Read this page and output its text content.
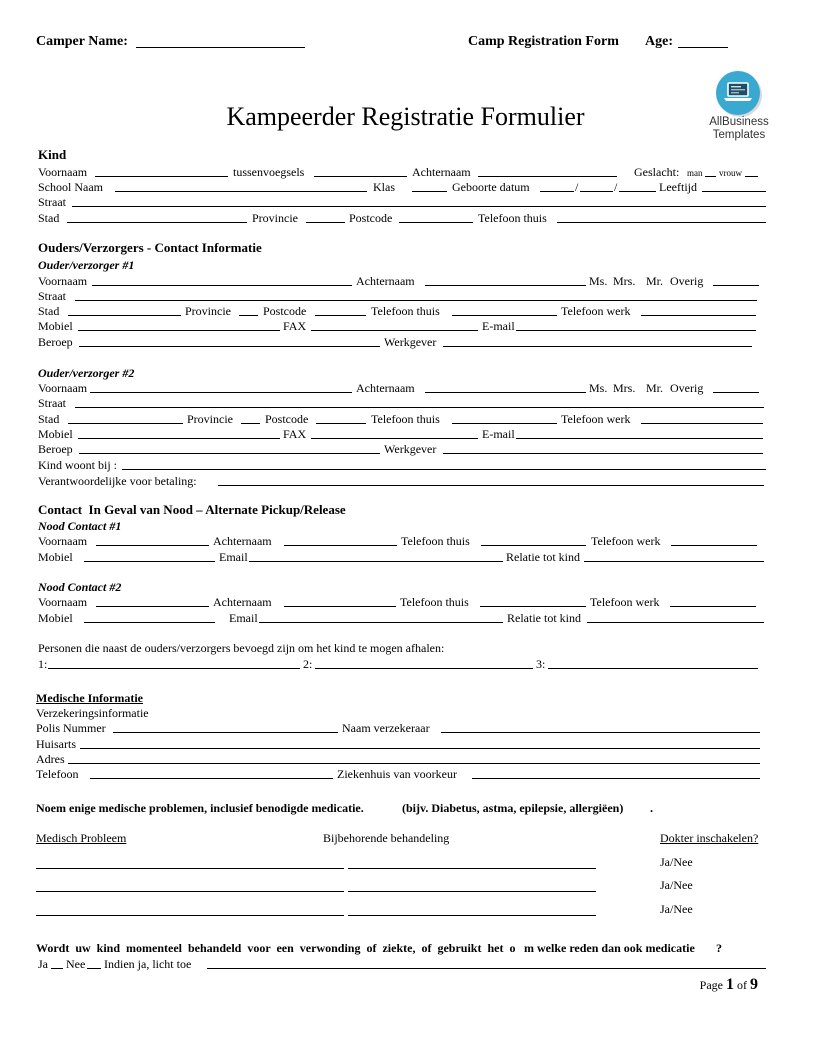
Camper Name:	Camp Registration Form Age:
AllBusiness
Templates
Kampeerder Registratie Formulier
Kind
Voornaam	tussenvoegsels	Achternaam	Geslacht: man vrouw
School Naam	Klas	Geboorte datum	/	/	Leeftijd
Straat
Stad	Provincie	Postcode	Telefoon thuis
Ouders/Verzorgers - Contact Informatie
Ouder/verzorger #1
Voornaam	Achternaam	Ms. Mrs. Mr. Overig
Straat
Stad	Provincie	Postcode	Telefoon thuis	Telefoon werk
Mobiel	FAX	E-mail
Beroep	Werkgever
Ouder/verzorger #2
Voornaam	Achternaam	Ms. Mrs. Mr. Overig
Straat
Stad	Provincie	Postcode	Telefoon thuis	Telefoon werk
Mobiel	FAX	E-mail
Beroep	Werkgever
Kind woont bij :
Verantwoordelijke voor betaling:
Contact  In Geval van Nood – Alternate Pickup/Release
Nood Contact #1
Voornaam	Achternaam	Telefoon thuis	Telefoon werk
Mobiel	Email	Relatie tot kind
Nood Contact #2
Voornaam	Achternaam	Telefoon thuis	Telefoon werk
Mobiel	Email	Relatie tot kind
Personen die naast de ouders/verzorgers bevoegd zijn om het kind te mogen afhalen:
1:	2:	3:
Medische Informatie
Verzekeringsinformatie
Polis Nummer	Naam verzekeraar
Huisarts
Adres
Telefoon	Ziekenhuis van voorkeur
Noem enige medische problemen, inclusief benodigde medicatie.	(bijv. Diabetus, astma, epilepsie, allergiëen) .
Medisch Probleem	Bijbehorende behandeling	Dokter inschakelen?
Ja/Nee
Ja/Nee
Ja/Nee
Wordt uw kind momenteel behandeld voor een verwonding of ziekte, of gebruikt het o m welke reden dan ook medicatie ?
Ja Nee Indien ja, licht toe
Page 1 of 9
